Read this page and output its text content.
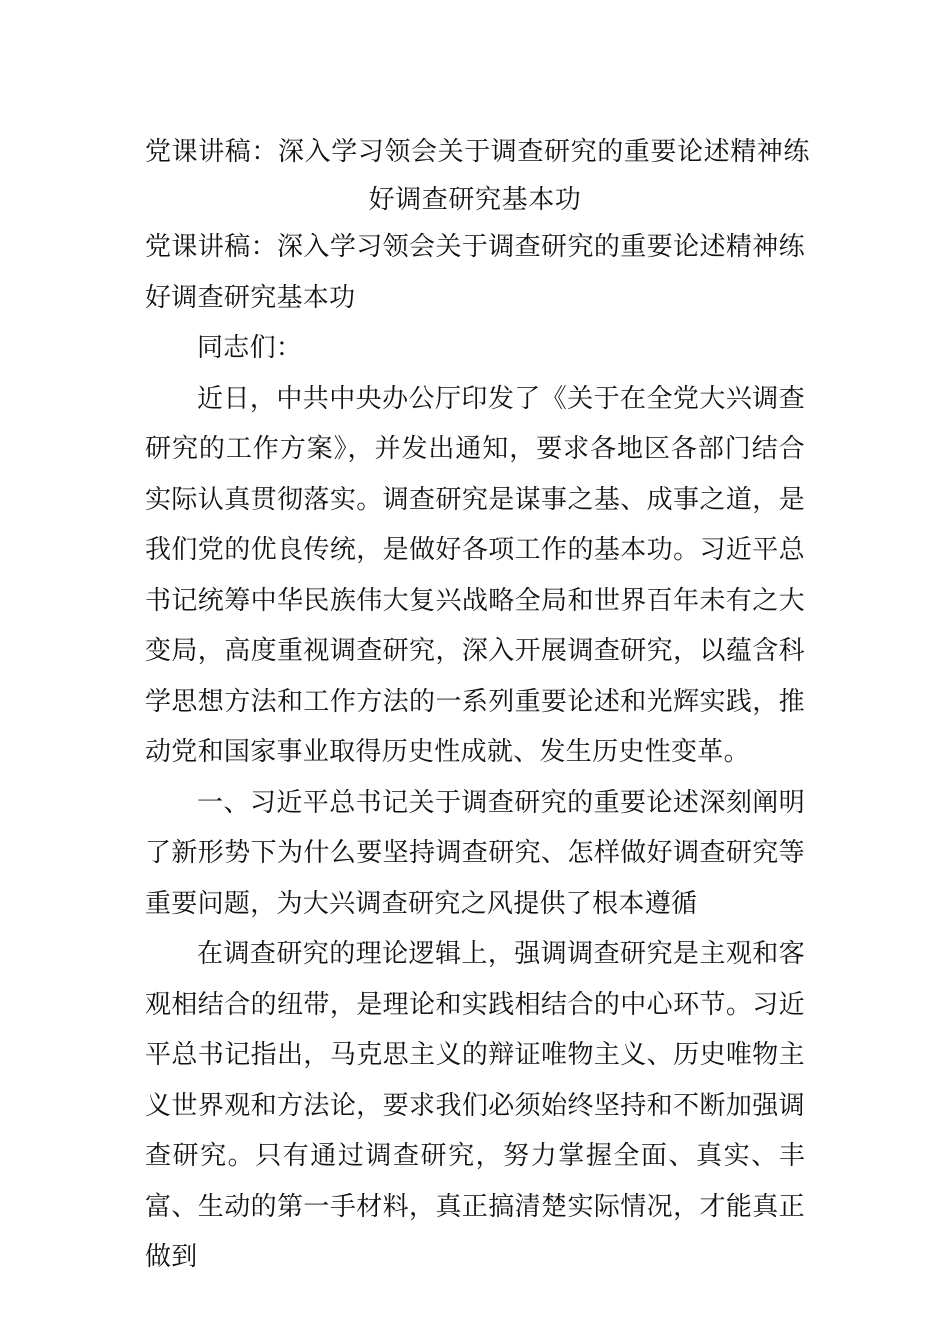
党课讲稿：深入学习领会关于调查研究的重要论述精神练
好调查研究基本功

党课讲稿：深入学习领会关于调查研究的重要论述精神练好调查研究基本功

同志们：

近日，中共中央办公厅印发了《关于在全党大兴调查研究的工作方案》，并发出通知，要求各地区各部门结合实际认真贯彻落实。调查研究是谋事之基、成事之道，是我们党的优良传统，是做好各项工作的基本功。习近平总书记统筹中华民族伟大复兴战略全局和世界百年未有之大变局，高度重视调查研究，深入开展调查研究，以蕴含科学思想方法和工作方法的一系列重要论述和光辉实践，推动党和国家事业取得历史性成就、发生历史性变革。

一、习近平总书记关于调查研究的重要论述深刻阐明了新形势下为什么要坚持调查研究、怎样做好调查研究等重要问题，为大兴调查研究之风提供了根本遵循

在调查研究的理论逻辑上，强调调查研究是主观和客观相结合的纽带，是理论和实践相结合的中心环节。习近平总书记指出，马克思主义的辩证唯物主义、历史唯物主义世界观和方法论，要求我们必须始终坚持和不断加强调查研究。只有通过调查研究，努力掌握全面、真实、丰富、生动的第一手材料，真正搞清楚实际情况，才能真正做到
